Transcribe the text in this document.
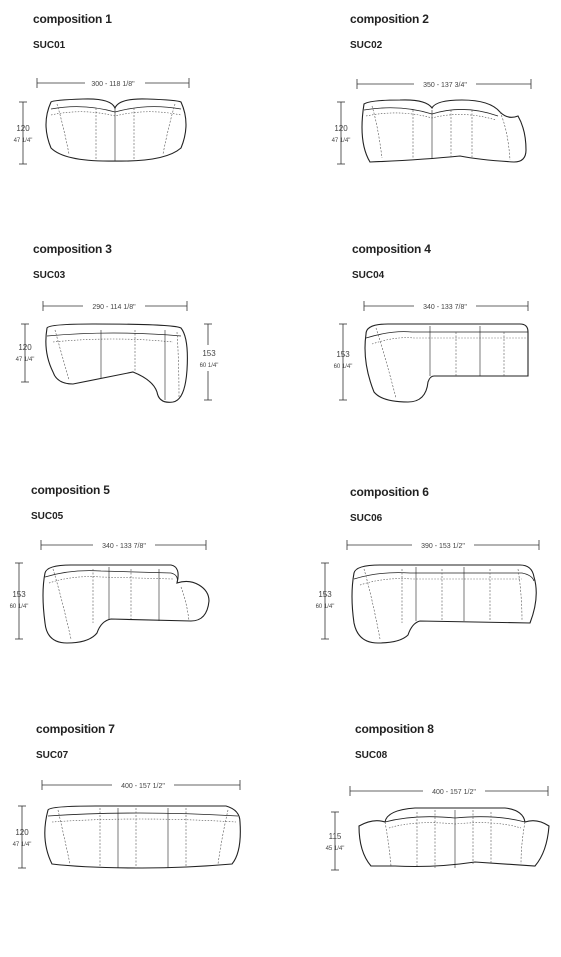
composition 1
SUC01
300 - 118 1/8"
120
47 1/4"
composition 2
SUC02
350 - 137 3/4"
120
47 1/4"
composition 3
SUC03
290 - 114 1/8"
120
47 1/4"
153
60 1/4"
composition 4
SUC04
340 - 133 7/8"
153
60 1/4"
composition 5
SUC05
340 - 133 7/8"
153
60 1/4"
composition 6
SUC06
390 - 153 1/2"
153
60 1/4"
composition 7
SUC07
400 - 157 1/2"
120
47 1/4"
composition 8
SUC08
400 - 157 1/2"
115
45 1/4"
